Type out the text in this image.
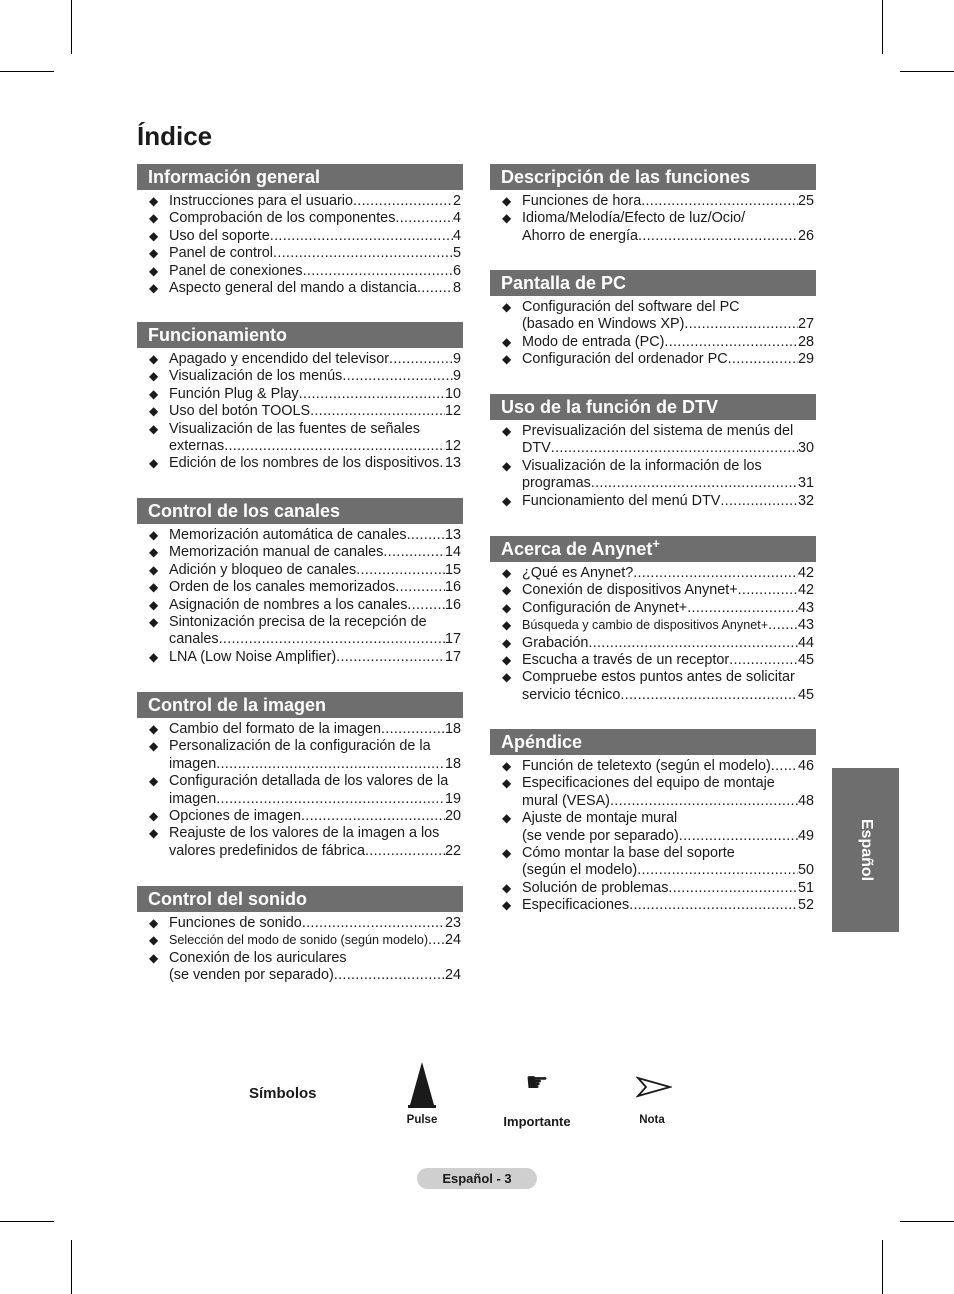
Índice
Información general
◆ Instrucciones para el usuario .....	2
◆ Comprobación de los componentes .....	4
◆ Uso del soporte .....	4
◆ Panel de control .....	5
◆ Panel de conexiones .....	6
◆ Aspecto general del mando a distancia ..... 8
Funcionamiento
◆ Apagado y encendido del televisor .....	9
◆ Visualización de los menús .....	9
◆ Función Plug & Play .....	10
◆ Uso del botón TOOLS .....	12
◆ Visualización de las fuentes de señales
externas .....	12
◆ Edición de los nombres de los dispositivos ..... 13
Control de los canales
◆ Memorización automática de canales .....	13
◆ Memorización manual de canales .....	14
◆ Adición y bloqueo de canales .....	15
◆ Orden de los canales memorizados .....	16
◆ Asignación de nombres a los canales .....	16
◆ Sintonización precisa de la recepción de
canales .....	17
◆ LNA (Low Noise Amplifier) .....	17
Control de la imagen
◆ Cambio del formato de la imagen .....	18
◆ Personalización de la configuración de la
imagen .....	18
◆ Configuración detallada de los valores de la
imagen .....	19
◆ Opciones de imagen .....	20
◆ Reajuste de los valores de la imagen a los
valores predefinidos de fábrica .....	22
Control del sonido
◆ Funciones de sonido .....	23
◆ Selección del modo de sonido (según modelo) ..... 24
◆ Conexión de los auriculares
(se venden por separado) .....	24
Descripción de las funciones
◆ Funciones de hora .....	25
◆ Idioma/Melodía/Efecto de luz/Ocio/
Ahorro de energía .....	26
Pantalla de PC
◆ Configuración del software del PC
(basado en Windows XP) .....	27
◆ Modo de entrada (PC) .....	28
◆ Configuración del ordenador PC .....	29
Uso de la función de DTV
◆ Previsualización del sistema de menús del
DTV .....	30
◆ Visualización de la información de los
programas .....	31
◆ Funcionamiento del menú DTV .....	32
Acerca de Anynet+
◆ ¿Qué es Anynet? .....	42
◆ Conexión de dispositivos Anynet+ .....	42
◆ Configuración de Anynet+ .....	43
◆ Búsqueda y cambio de dispositivos Anynet+ ..... 43
◆ Grabación .....	44
◆ Escucha a través de un receptor .....	45
◆ Compruebe estos puntos antes de solicitar
servicio técnico .....	45
Apéndice
◆ Función de teletexto (según el modelo) ..... 46
◆ Especificaciones del equipo de montaje
mural (VESA) .....	48
◆ Ajuste de montaje mural
(se vende por separado) .....	49
◆ Cómo montar la base del soporte
(según el modelo) .....	50
◆ Solución de problemas .....	51
◆ Especificaciones .....	52
Español
Símbolos
Pulse
☛
Importante	Nota
Español - 3
